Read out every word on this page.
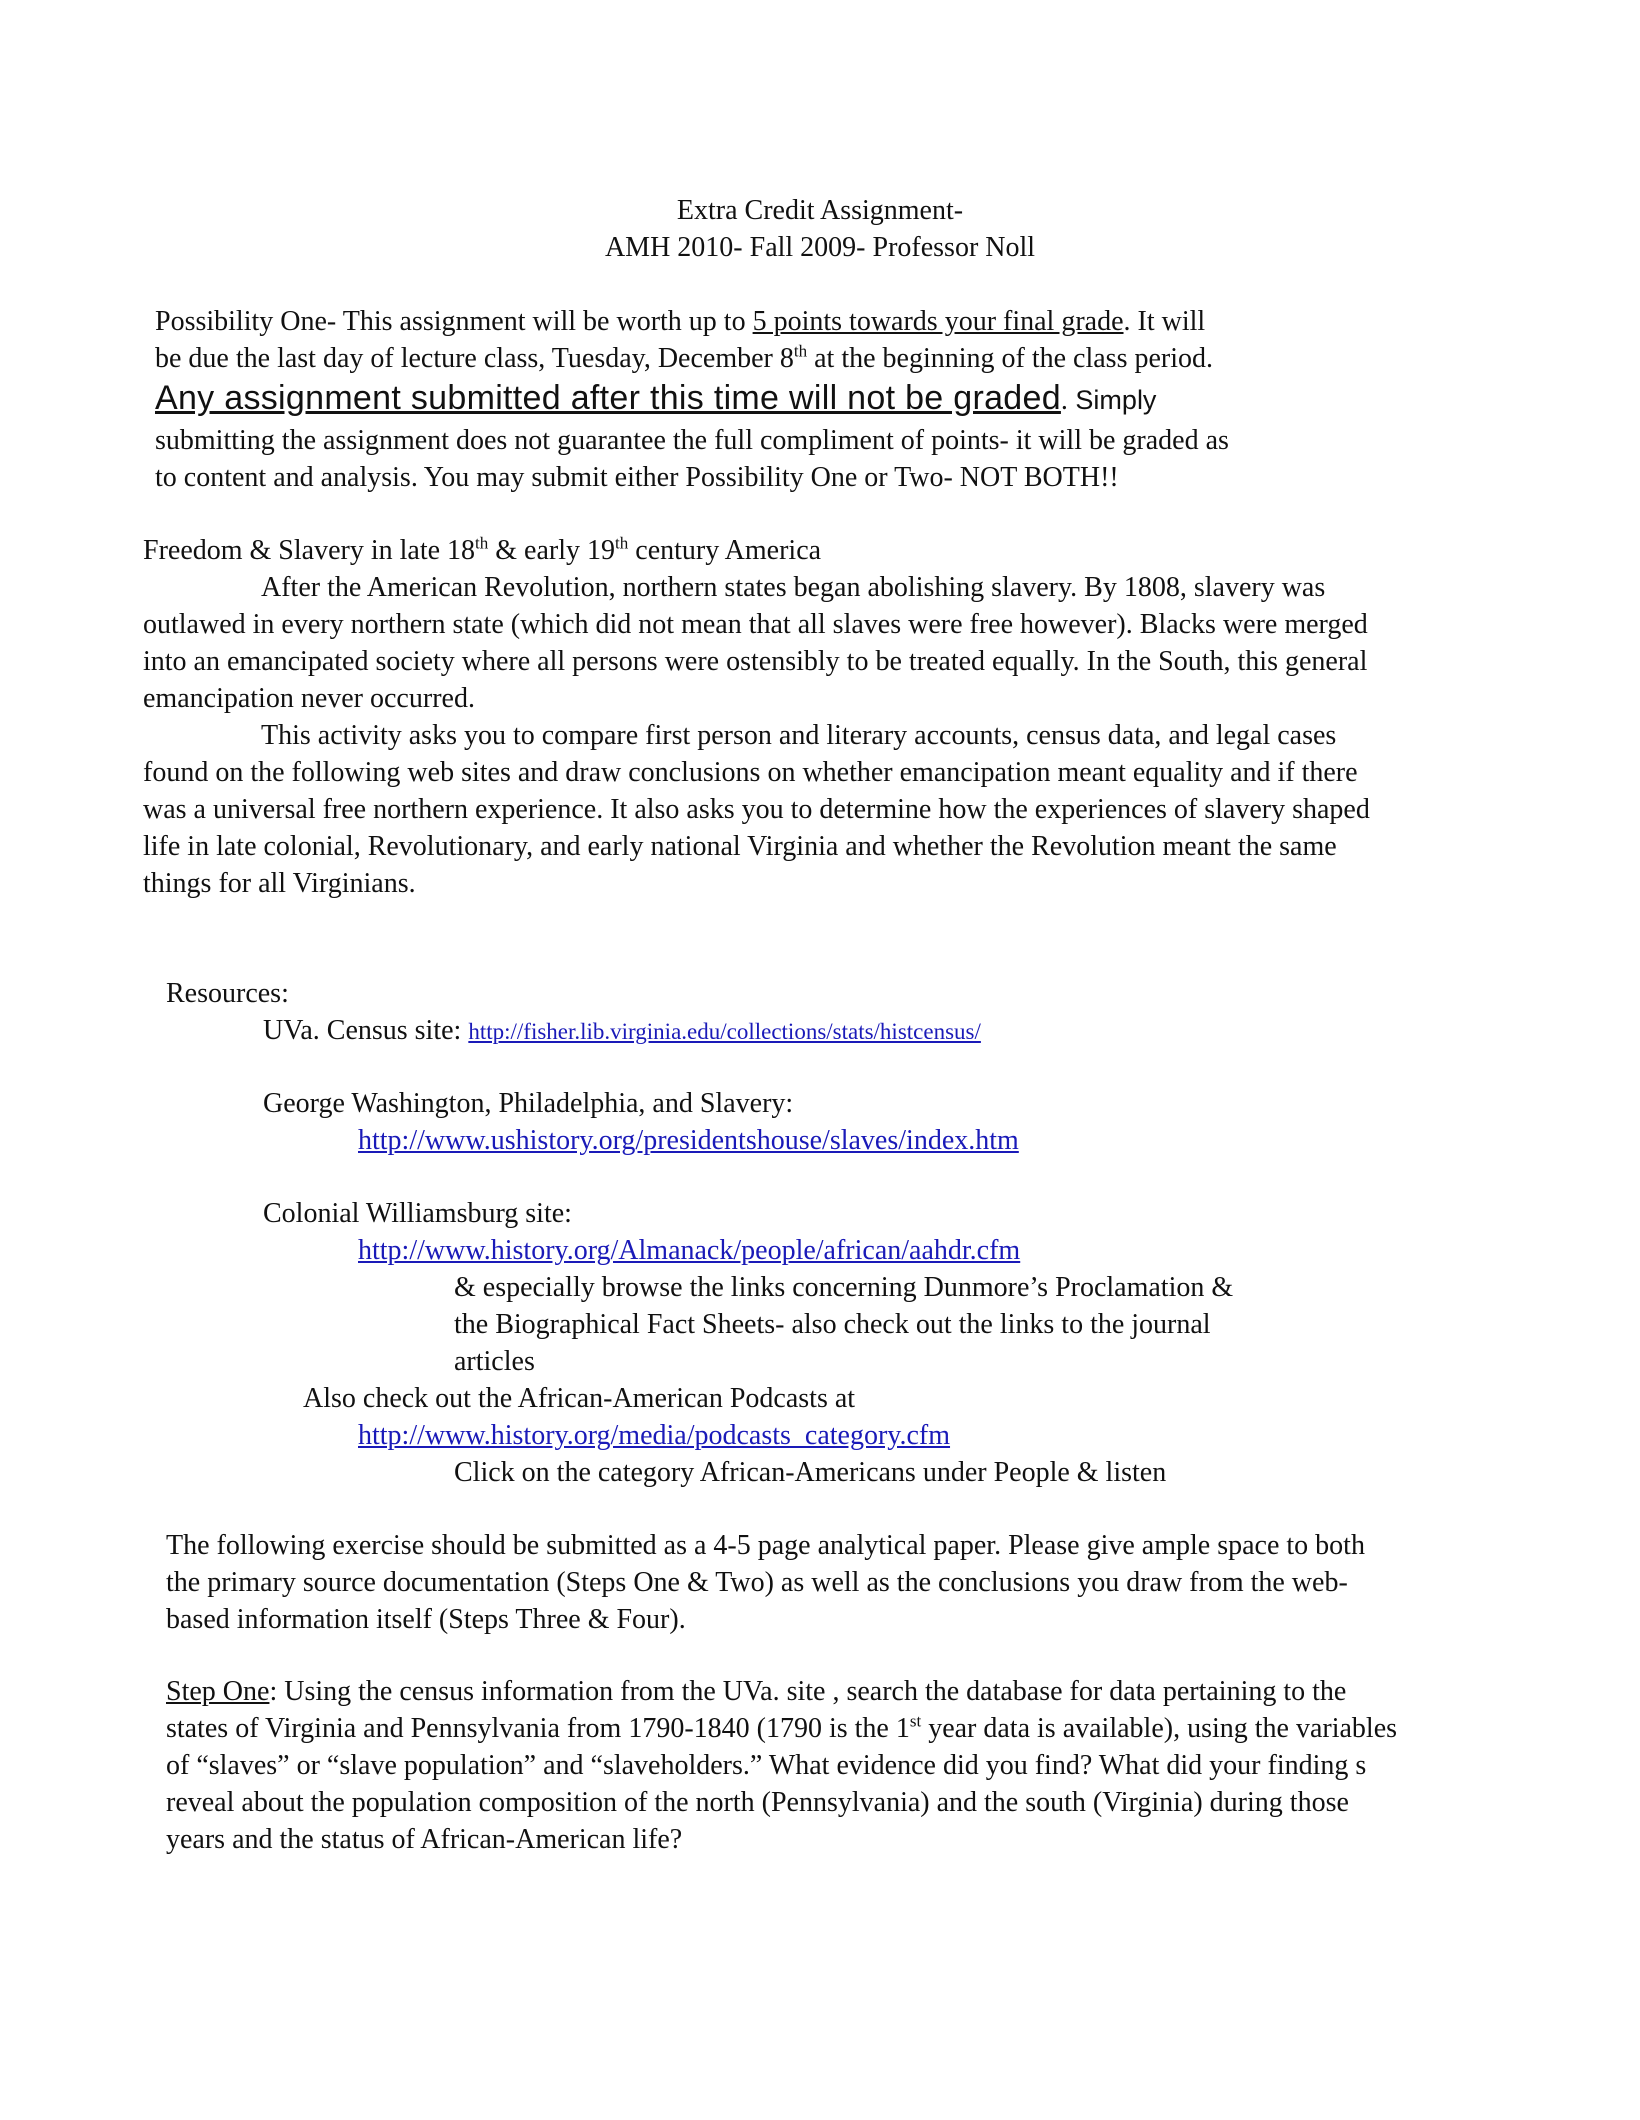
Extra Credit Assignment-
AMH 2010- Fall 2009- Professor Noll
Possibility One- This assignment will be worth up to 5 points towards your final grade. It will
be due the last day of lecture class, Tuesday, December 8th at the beginning of the class period.
Any assignment submitted after this time will not be graded. Simply
submitting the assignment does not guarantee the full compliment of points- it will be graded as
to content and analysis. You may submit either Possibility One or Two- NOT BOTH!!
Freedom & Slavery in late 18th & early 19th century America

After the American Revolution, northern states began abolishing slavery. By 1808, slavery was outlawed in every northern state (which did not mean that all slaves were free however). Blacks were merged into an emancipated society where all persons were ostensibly to be treated equally. In the South, this general emancipation never occurred.

This activity asks you to compare first person and literary accounts, census data, and legal cases found on the following web sites and draw conclusions on whether emancipation meant equality and if there was a universal free northern experience. It also asks you to determine how the experiences of slavery shaped life in late colonial, Revolutionary, and early national Virginia and whether the Revolution meant the same things for all Virginians.

Resources:
UVa. Census site: http://fisher.lib.virginia.edu/collections/stats/histcensus/
George Washington, Philadelphia, and Slavery:
http://www.ushistory.org/presidentshouse/slaves/index.htm
Colonial Williamsburg site:
http://www.history.org/Almanack/people/african/aahdr.cfm
& especially browse the links concerning Dunmore’s Proclamation &
the Biographical Fact Sheets- also check out the links to the journal
articles
Also check out the African-American Podcasts at
http://www.history.org/media/podcasts_category.cfm
Click on the category African-Americans under People & listen

The following exercise should be submitted as a 4-5 page analytical paper. Please give ample space to both the primary source documentation (Steps One & Two) as well as the conclusions you draw from the web-based information itself (Steps Three & Four).

Step One: Using the census information from the UVa. site , search the database for data pertaining to the states of Virginia and Pennsylvania from 1790-1840 (1790 is the 1st year data is available), using the variables of “slaves” or “slave population” and “slaveholders.” What evidence did you find? What did your finding s reveal about the population composition of the north (Pennsylvania) and the south (Virginia) during those years and the status of African-American life?
